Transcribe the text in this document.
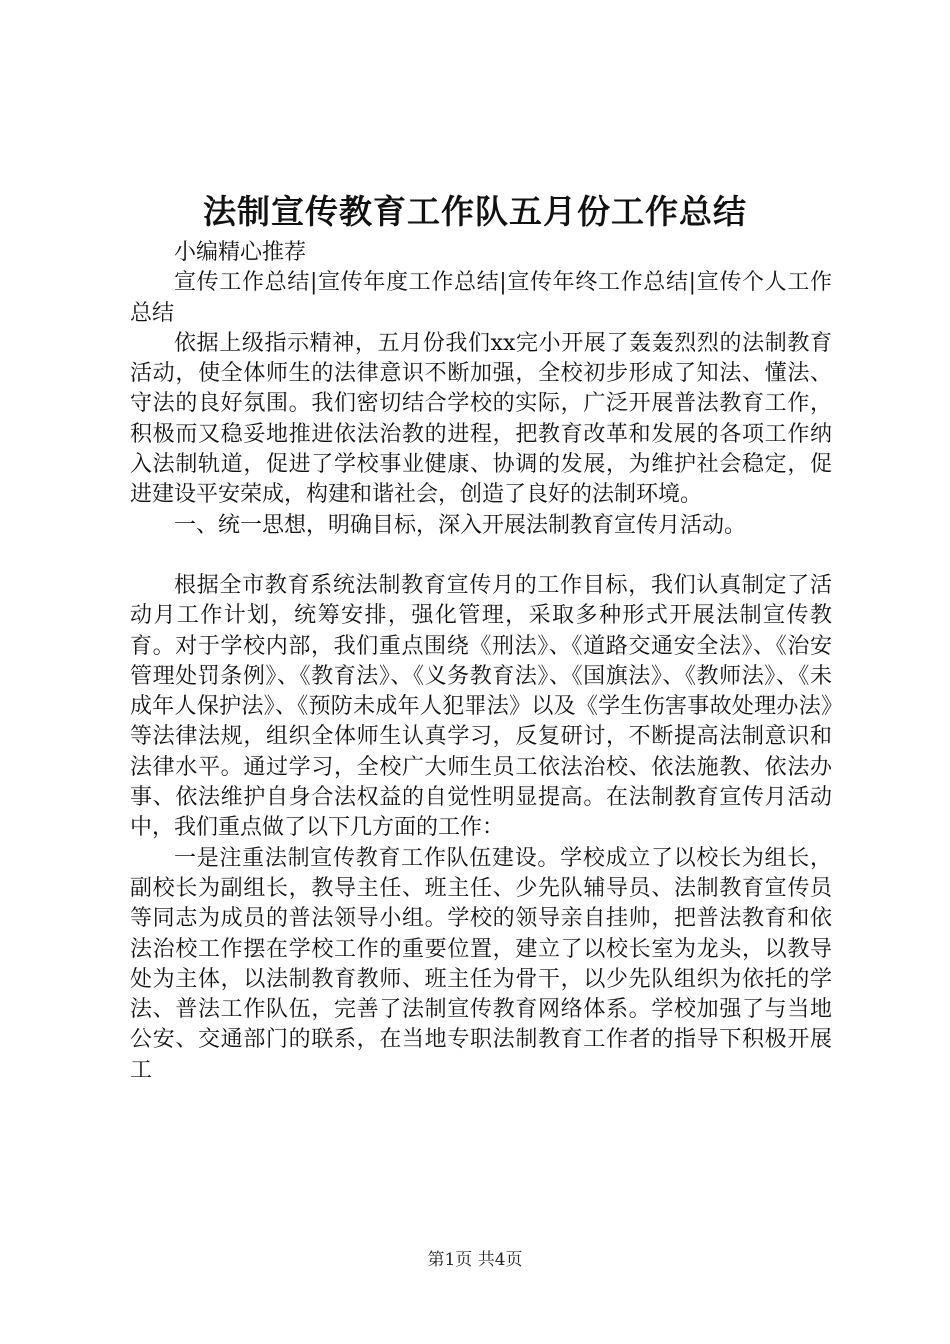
法制宣传教育工作队五月份工作总结

小编精心推荐

宣传工作总结|宣传年度工作总结|宣传年终工作总结|宣传个人工作总结

依据上级指示精神，五月份我们xx完小开展了轰轰烈烈的法制教育活动，使全体师生的法律意识不断加强，全校初步形成了知法、懂法、守法的良好氛围。我们密切结合学校的实际，广泛开展普法教育工作，积极而又稳妥地推进依法治教的进程，把教育改革和发展的各项工作纳入法制轨道，促进了学校事业健康、协调的发展，为维护社会稳定，促进建设平安荣成，构建和谐社会，创造了良好的法制环境。

一、统一思想，明确目标，深入开展法制教育宣传月活动。

根据全市教育系统法制教育宣传月的工作目标，我们认真制定了活动月工作计划，统筹安排，强化管理，采取多种形式开展法制宣传教育。对于学校内部，我们重点围绕《刑法》、《道路交通安全法》、《治安管理处罚条例》、《教育法》、《义务教育法》、《国旗法》、《教师法》、《未成年人保护法》、《预防未成年人犯罪法》以及《学生伤害事故处理办法》等法律法规，组织全体师生认真学习，反复研讨，不断提高法制意识和法律水平。通过学习，全校广大师生员工依法治校、依法施教、依法办事、依法维护自身合法权益的自觉性明显提高。在法制教育宣传月活动中，我们重点做了以下几方面的工作：

一是注重法制宣传教育工作队伍建设。学校成立了以校长为组长，副校长为副组长，教导主任、班主任、少先队辅导员、法制教育宣传员等同志为成员的普法领导小组。学校的领导亲自挂帅，把普法教育和依法治校工作摆在学校工作的重要位置，建立了以校长室为龙头，以教导处为主体，以法制教育教师、班主任为骨干，以少先队组织为依托的学法、普法工作队伍，完善了法制宣传教育网络体系。学校加强了与当地公安、交通部门的联系，在当地专职法制教育工作者的指导下积极开展工

第1页 共4页
